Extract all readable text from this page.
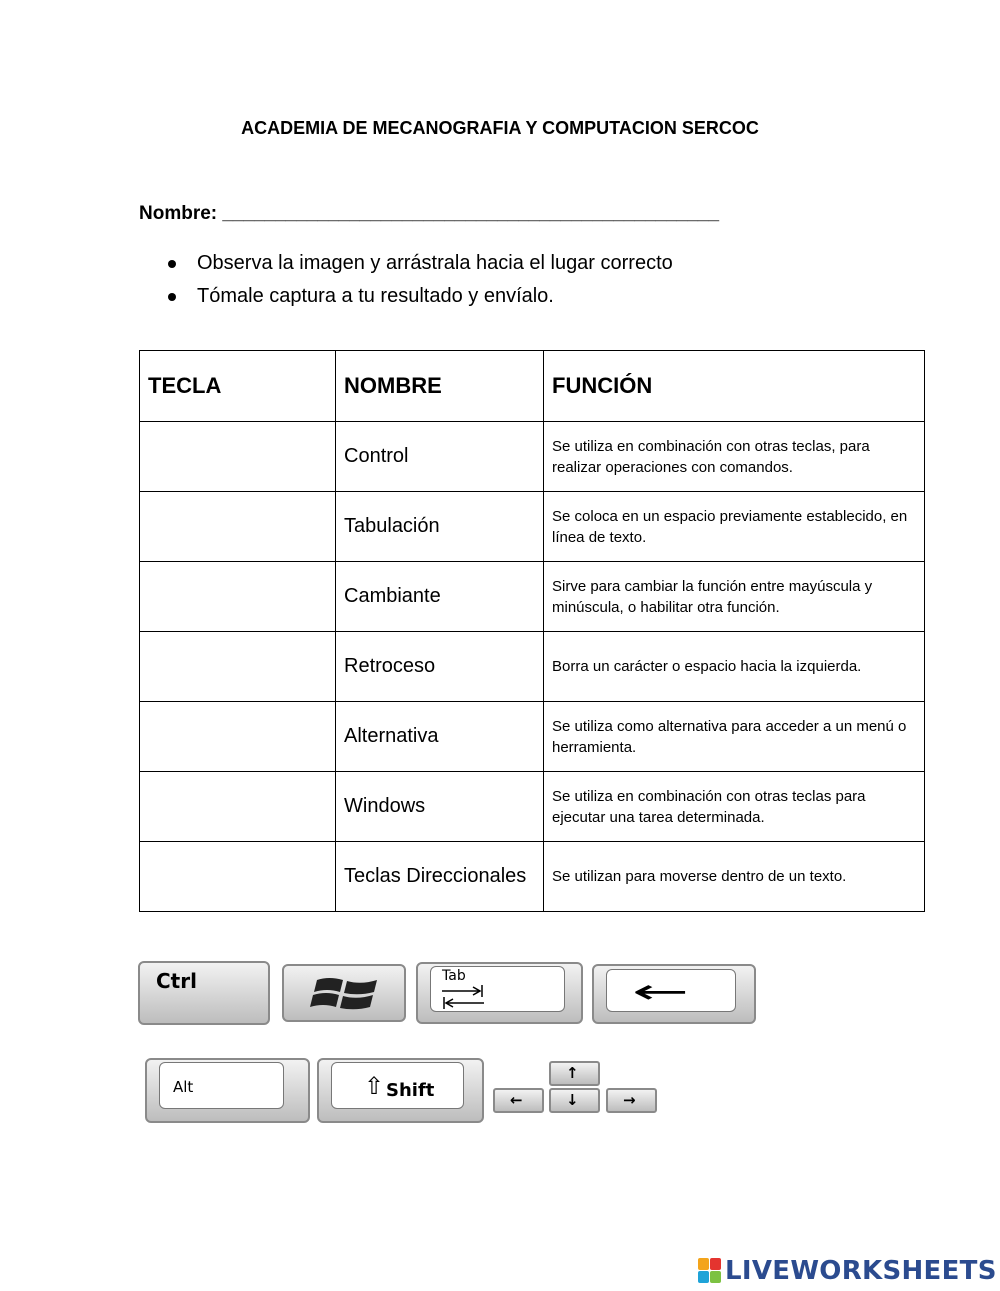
ACADEMIA DE MECANOGRAFIA Y COMPUTACION SERCOC
Nombre: _______________________________________________
Observa la imagen y arrástrala hacia el lugar correcto
Tómale captura a tu resultado y envíalo.
TECLA	NOMBRE	FUNCIÓN
	Control	Se utiliza en combinación con otras teclas, para realizar operaciones con comandos.
	Tabulación	Se coloca en un espacio previamente establecido, en línea de texto.
	Cambiante	Sirve para cambiar la función entre mayúscula y minúscula, o habilitar otra función.
	Retroceso	Borra un carácter o espacio hacia la izquierda.
	Alternativa	Se utiliza como alternativa para acceder a un menú o herramienta.
	Windows	Se utiliza en combinación con otras teclas para ejecutar una tarea determinada.
	Teclas Direccionales	Se utilizan para moverse dentro de un texto.
Ctrl	Tab	←
Alt	⇧ Shift
↑
←	↓	→
LIVEWORKSHEETS
